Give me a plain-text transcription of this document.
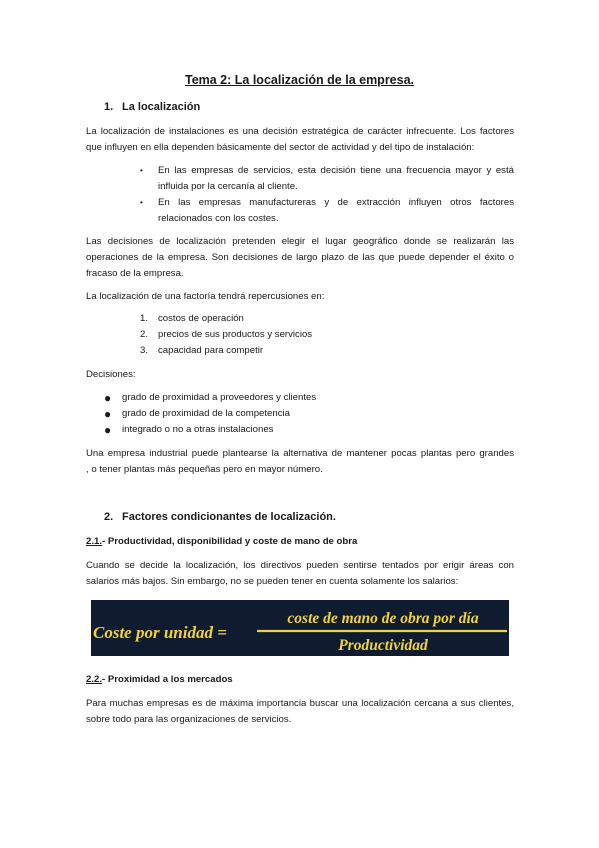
Tema 2: La localización de la empresa.
1. La localización
La localización de instalaciones es una decisión estratégica de carácter infrecuente. Los factores
que influyen en ella dependen básicamente del sector de actividad y del tipo de instalación:
• En las empresas de servicios, esta decisión tiene una frecuencia mayor y está
influida por la cercanía al cliente.
• En las empresas manufactureras y de extracción influyen otros factores
relacionados con los costes.
Las decisiones de localización pretenden elegir el lugar geográfico donde se realizarán las
operaciones de la empresa. Son decisiones de largo plazo de las que puede depender el éxito o
fracaso de la empresa.
La localización de una factoría tendrá repercusiones en:
1.	costos de operación
2.	precios de sus productos y servicios
3.	capacidad para competir
Decisiones:
●	grado de proximidad a proveedores y clientes
●	grado de proximidad de la competencia
●	integrado o no a otras instalaciones
Una empresa industrial puede plantearse la alternativa de mantener pocas plantas pero grandes
, o tener plantas más pequeñas pero en mayor número.
2. Factores condicionantes de localización.
2.1.- Productividad, disponibilidad y coste de mano de obra
Cuando se decide la localización, los directivos pueden sentirse tentados por erigir áreas con
salarios más bajos. Sin embargo, no se pueden tener en cuenta solamente los salarios:
Coste por unidad =
coste de mano de obra por día
Productividad
2.2.- Proximidad a los mercados
Para muchas empresas es de máxima importancia buscar una localización cercana a sus clientes,
sobre todo para las organizaciones de servicios.
